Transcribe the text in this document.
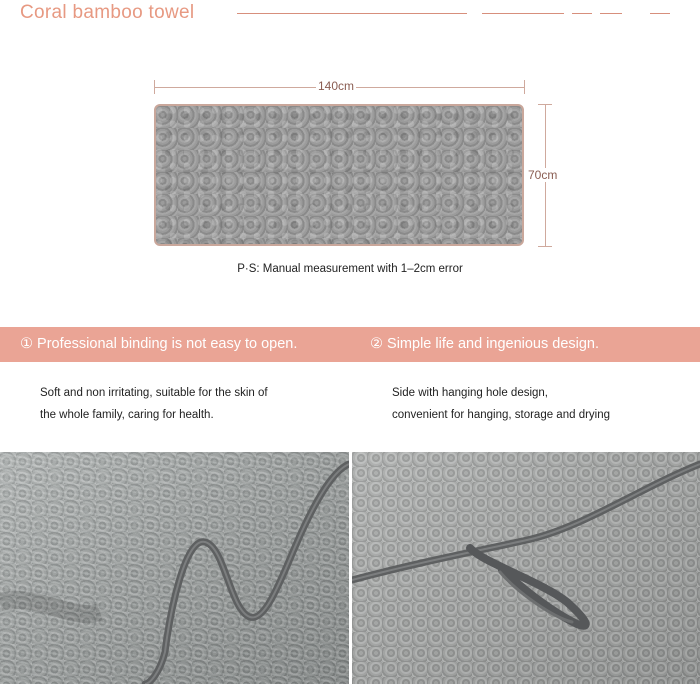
Coral bamboo towel
140cm
70cm
P·S: Manual measurement with 1–2cm error
① Professional binding is not easy to open.	② Simple life and ingenious design.
Soft and non irritating, suitable for the skin of
the whole family, caring for health.
Side with hanging hole design,
convenient for hanging, storage and drying
